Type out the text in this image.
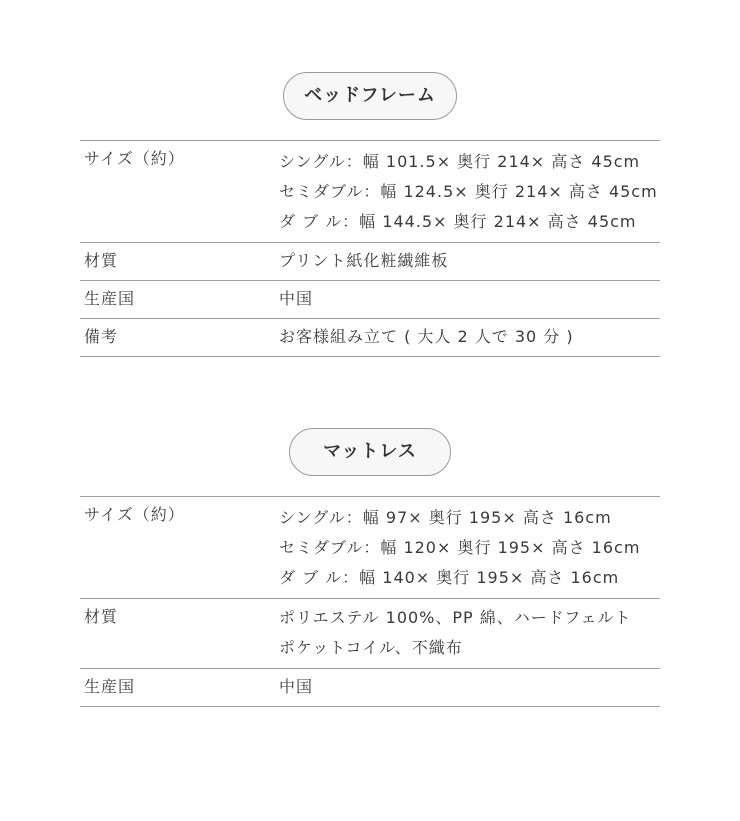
ベッドフレーム
サイズ（約）	シングル：幅 101.5× 奥行 214× 高さ 45cm
セミダブル：幅 124.5× 奥行 214× 高さ 45cm
ダ ブ ル：幅 144.5× 奥行 214× 高さ 45cm
材質	プリント紙化粧繊維板
生産国	中国
備考	お客様組み立て ( 大人 2 人で 30 分 )
マットレス
サイズ（約）	シングル：幅 97× 奥行 195× 高さ 16cm
セミダブル：幅 120× 奥行 195× 高さ 16cm
ダ ブ ル：幅 140× 奥行 195× 高さ 16cm
材質	ポリエステル 100%、PP 綿、ハードフェルト
ポケットコイル、不織布
生産国	中国
